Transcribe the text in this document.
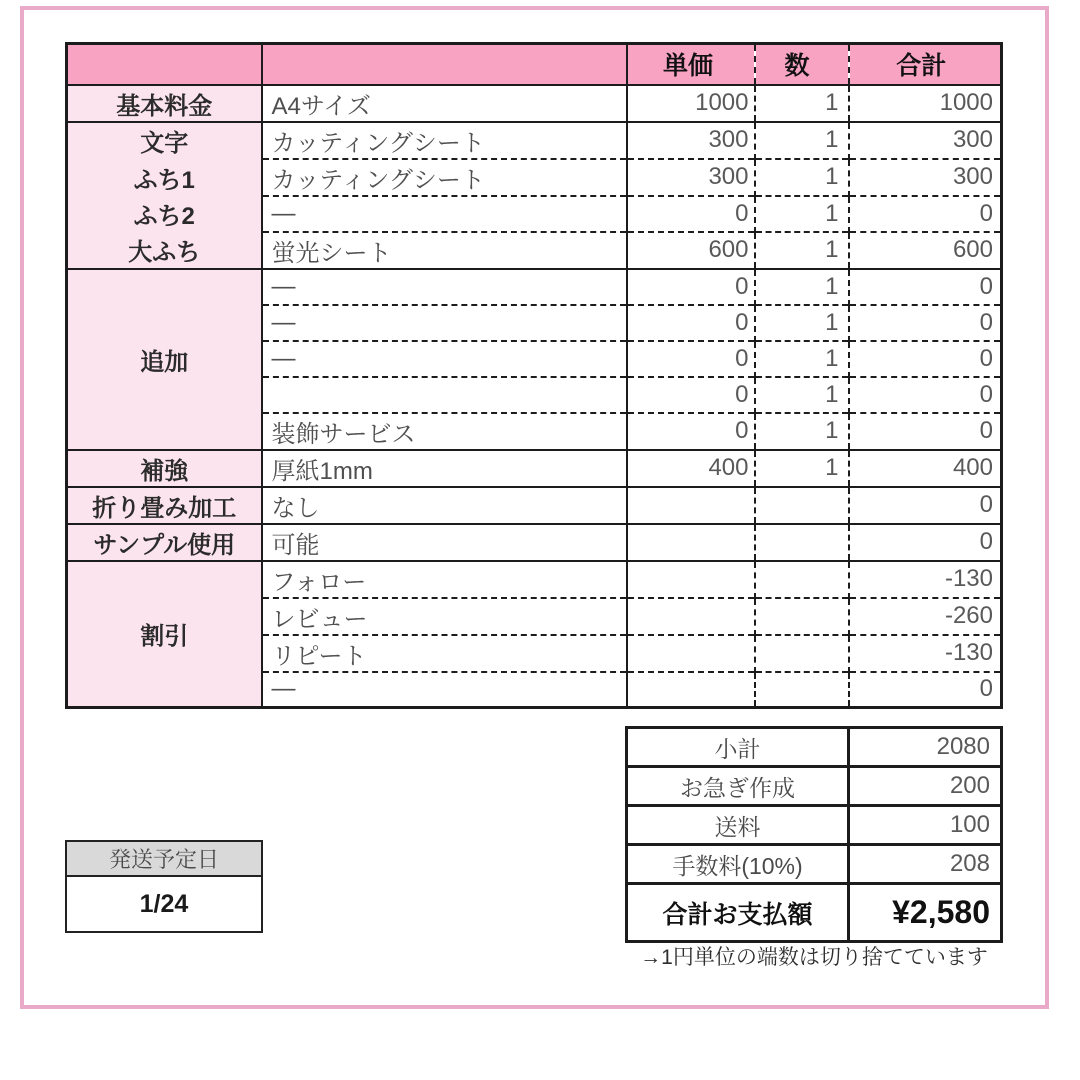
		単価	数	合計
基本料金	A4サイズ	1000	1	1000
文字	カッティングシート	300	1	300
ふち1	カッティングシート	300	1	300
ふち2	—	0	1	0
大ふち	蛍光シート	600	1	600
追加	—	0	1	0
	—	0	1	0
	—	0	1	0
		0	1	0
	装飾サービス	0	1	0
補強	厚紙1mm	400	1	400
折り畳み加工	なし			0
サンプル使用	可能			0
割引	フォロー			-130
	レビュー			-260
	リピート			-130
	—			0
小計	2080
お急ぎ作成	200
送料	100
手数料(10%)	208
合計お支払額	¥2,580
→1円単位の端数は切り捨てています
発送予定日
1/24
